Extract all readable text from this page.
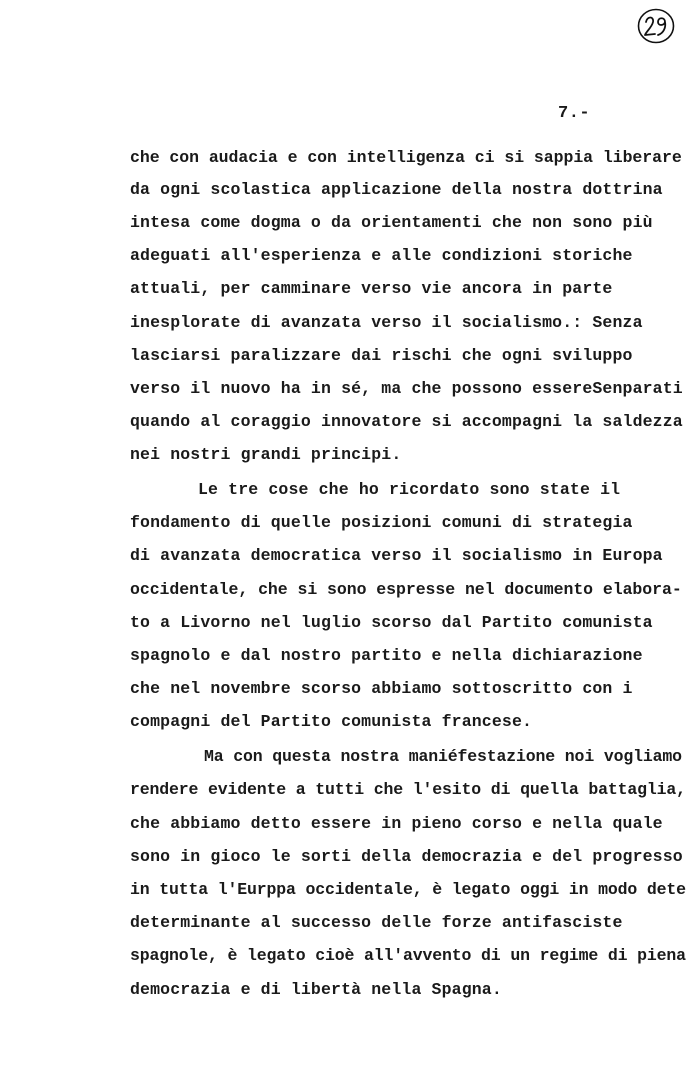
7.-
che con audacia e con intelligenza ci si sappia liberare
da ogni scolastica applicazione della nostra dottrina
intesa come dogma o da orientamenti che non sono più
adeguati all'esperienza e alle condizioni storiche
attuali, per camminare verso vie ancora in parte
inesplorate di avanzata verso il socialismo.: Senza
lasciarsi paralizzare dai rischi che ogni sviluppo
verso il nuovo ha in sé, ma che possono essereSenparati
quando al coraggio innovatore si accompagni la saldezza
nei nostri grandi principi.
Le tre cose che ho ricordato sono state il
fondamento di quelle posizioni comuni di strategia
di avanzata democratica verso il socialismo in Europa
occidentale, che si sono espresse nel documento elabora-
to a Livorno nel luglio scorso dal Partito comunista
spagnolo e dal nostro partito e nella dichiarazione
che nel novembre scorso abbiamo sottoscritto con i
compagni del Partito comunista francese.
Ma con questa nostra maniéfestazione noi vogliamo
rendere evidente a tutti che l'esito di quella battaglia,
che abbiamo detto essere in pieno corso e nella quale
sono in gioco le sorti della democrazia e del progresso
in tutta l'Eurppa occidentale, è legato oggi in modo dete
determinante al successo delle forze antifasciste
spagnole, è legato cioè all'avvento di un regime di piena
democrazia e di libertà nella Spagna.
